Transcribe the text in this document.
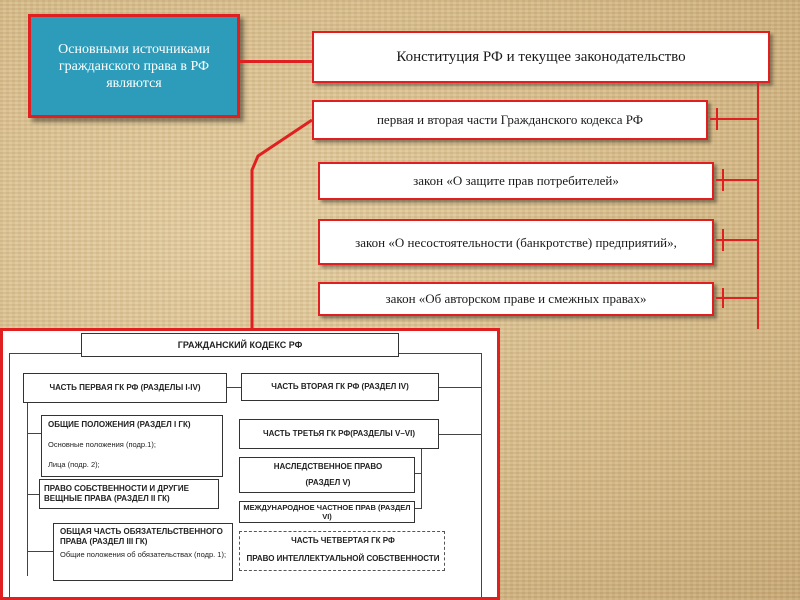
Основными источниками гражданского права в РФ являются
Конституция РФ и текущее законодательство
первая и вторая части Гражданского кодекса РФ
закон «О защите прав потребителей»
закон «О несостоятельности (банкротстве) предприятий»,
закон «Об авторском праве и смежных правах»
ГРАЖДАНСКИЙ КОДЕКС РФ
ЧАСТЬ ПЕРВАЯ ГК РФ (РАЗДЕЛЫ I-IV)	ЧАСТЬ ВТОРАЯ ГК РФ (РАЗДЕЛ IV)
ОБЩИЕ ПОЛОЖЕНИЯ (РАЗДЕЛ I ГК)
Основные положения (подр.1);
Лица (подр. 2);
ПРАВО СОБСТВЕННОСТИ И ДРУГИЕ ВЕЩНЫЕ ПРАВА (РАЗДЕЛ II ГК)
ОБЩАЯ ЧАСТЬ ОБЯЗАТЕЛЬСТВЕННОГО ПРАВА (РАЗДЕЛ III ГК)
Общие положения об обязательствах (подр. 1);
ЧАСТЬ ТРЕТЬЯ ГК РФ(РАЗДЕЛЫ V–VI)
НАСЛЕДСТВЕННОЕ ПРАВО
(РАЗДЕЛ V)
МЕЖДУНАРОДНОЕ ЧАСТНОЕ ПРАВ (РАЗДЕЛ VI)
ЧАСТЬ ЧЕТВЕРТАЯ ГК РФ
ПРАВО ИНТЕЛЛЕКТУАЛЬНОЙ СОБСТВЕННОСТИ
